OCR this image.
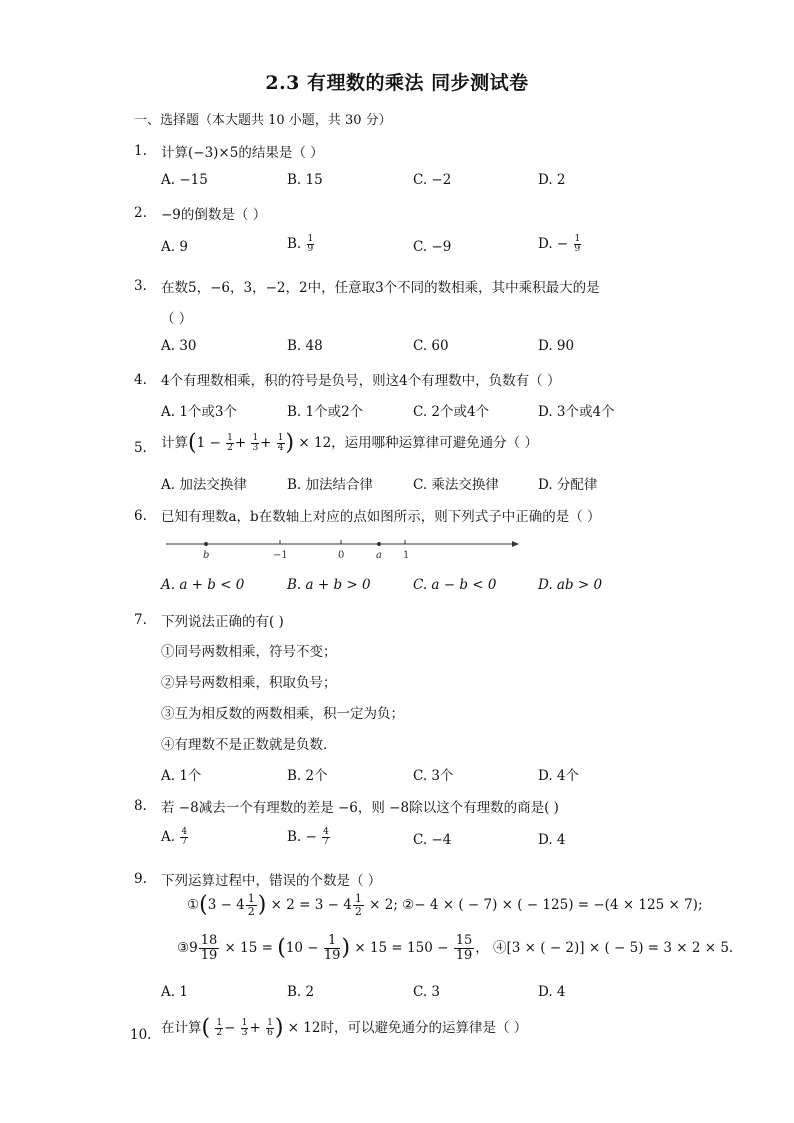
2.3 有理数的乘法 同步测试卷
一、选择题（本大题共 10 小题，共 30 分）
1. 计算(−3)×5的结果是（ ）
A. −15	B. 15	C. −2	D. 2
2. −9的倒数是（ ）
A. 9	B. $\frac{1}{9}$	C. −9	D. − $\frac{1}{9}$
3. 在数5，−6，3，−2，2中，任意取3个不同的数相乘，其中乘积最大的是
（ ）
A. 30	B. 48	C. 60	D. 90
4. 4个有理数相乘，积的符号是负号，则这4个有理数中，负数有（ ）
A. 1个或3个	B. 1个或2个	C. 2个或4个	D. 3个或4个
5. 计算($1 - \frac{1}{2} + \frac{1}{3} + \frac{1}{4}$ ) × 12，运用哪种运算律可避免通分（ ）
A. 加法交换律	B. 加法结合律	C. 乘法交换律	D. 分配律
6. 已知有理数a，b在数轴上对应的点如图所示，则下列式子中正确的是（ ）
b	−1	0	a 1
A. a + b < 0	B. a + b > 0	C. a − b < 0	D. ab > 0
7. 下列说法正确的有( )
①同号两数相乘，符号不变；
②异号两数相乘，积取负号；
③互为相反数的两数相乘，积一定为负；
④有理数不是正数就是负数．
A. 1个	B. 2个	C. 3个	D. 4个
8. 若 −8减去一个有理数的差是 −6，则 −8除以这个有理数的商是( )
A. $\frac{4}{7}$	B. − $\frac{4}{7}$	C. −4	D. 4
9. 下列运算过程中，错误的个数是（ ）
①(3 − $4 \frac{1}{2}$ ) × $2 = 3 - 4 \frac{1}{2} \times 2$; ②− 4 × ( − 7) × ( − 125) = −(4 × 125 × 7);
③9 $\frac{18}{19} \times 15 = (10 - \frac{1}{19}$ ) × $15 = 150 - \frac{15}{19}$ ， ④[3 × ( − 2)] × ( − 5) = 3 × 2 × 5.
A. 1	B. 2	C. 3	D. 4
10. 在计算( $\frac{1}{2} - \frac{1}{3} + \frac{1}{6}$ ) × 12时，可以避免通分的运算律是（ ）
